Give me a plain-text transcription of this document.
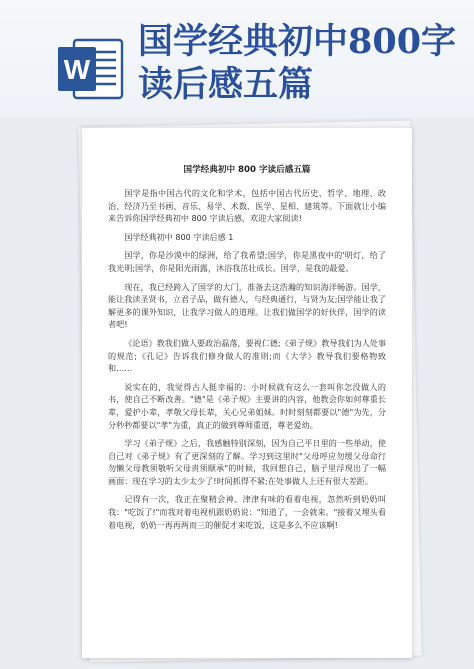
W
国学经典初中800字读后感五篇
国学经典初中 800 字读后感五篇

国学是指中国古代的文化和学术，包括中国古代历史、哲学、地理、政治、经济乃至书画、音乐、易学、术数、医学、星相、建筑等。下面就让小编来告诉你国学经典初中 800 字读后感，欢迎大家阅读!

国学经典初中 800 字读后感 1

国学，你是沙漠中的绿洲，给了我希望;国学，你是黑夜中的'明灯，给了我光明;国学，你是阳光雨露，沐浴我茁壮成长。国学，是我的最爱。

现在，我已经跨入了国学的大门，准备去这浩瀚的知识海洋畅游。国学，能让我读圣贤书，立君子品，做有德人，与经典通行，与贤为友;国学能让我了解更多的课外知识，让我学习做人的道理。让我们做国学的好伙伴，国学的读者吧!

《论语》教我们做人要政治磊落，要视仁德;《弟子规》教导我们为人处事的规范;《孔记》告诉我们修身做人的准则;而《大学》教导我们要格物致和……

说实在的，我觉得古人挺幸福的：小时候就有这么一套叫你怎没做人的书，使自己不断改善。"德"是《弟子规》主要讲的内容，他教会你如何尊重长辈，爱护小辈，孝敬父母长辈，关心兄弟姐妹。时时刻刻都要以"德"为先，分分秒秒都要以"孝"为重，真正的做到尊师重道，尊老爱幼。

学习《弟子规》之后，我感触特别深刻，因为自己平日里的一些举动，使自己对《弟子规》有了更深刻的了解。学习到这里时"父母呼应勿缓父母命行勿懒父母教须敬听父母责须顺承"的时候，我回想自己，脑子里浮现出了一幅画面：现在学习的太少太少了!时间抓得不紧;在处事做人上还有很大差距。

记得有一次，我正在聚精会神、津津有味的看着电视，忽然听到奶奶叫我："吃饭了!"而我对着电视机跟奶奶说："知道了，一会就来。"接着又埋头看着电视，奶奶一再再两而三的催促才来吃饭，这是多么不应该啊!
